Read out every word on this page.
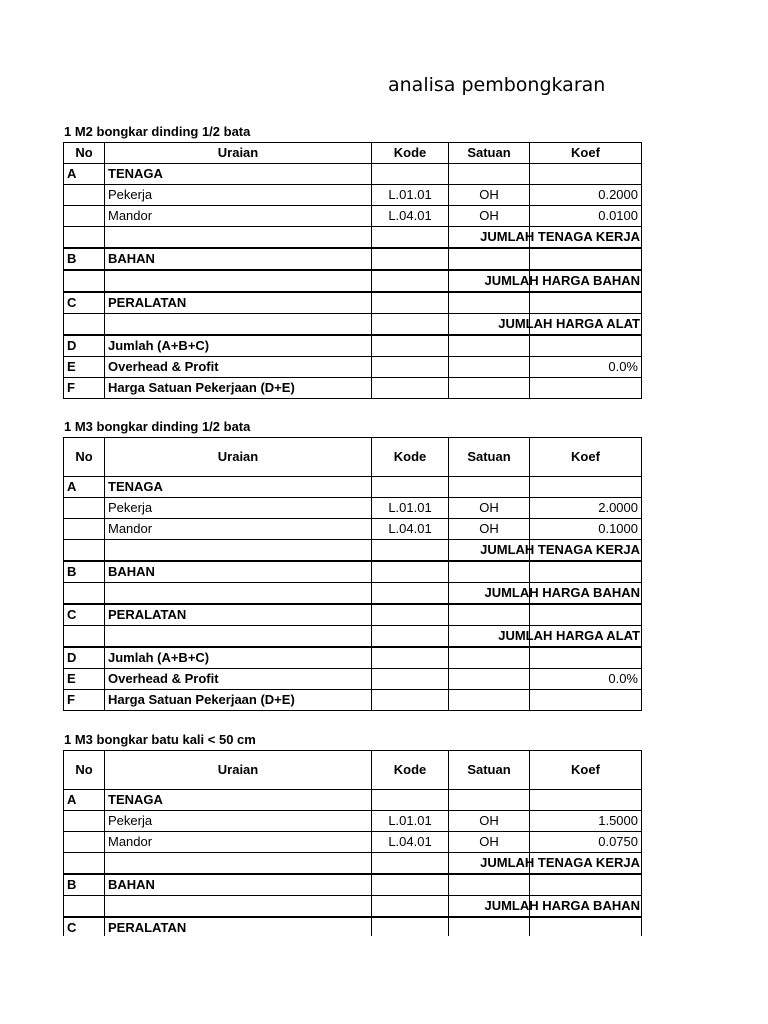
analisa pembongkaran
1 M2 bongkar dinding 1/2 bata
No	Uraian	Kode	Satuan	Koef
A	TENAGA			
	Pekerja	L.01.01	OH	0.2000
	Mandor	L.04.01	OH	0.0100

				JUMLAH TENAGA KERJA

B	BAHAN			

				JUMLAH HARGA BAHAN

C	PERALATAN			

				JUMLAH HARGA ALAT

D	Jumlah (A+B+C)			
E	Overhead & Profit			0.0%
F	Harga Satuan Pekerjaan (D+E)			
1 M3 bongkar dinding 1/2 bata
No	Uraian	Kode	Satuan	Koef
A	TENAGA			
	Pekerja	L.01.01	OH	2.0000
	Mandor	L.04.01	OH	0.1000

				JUMLAH TENAGA KERJA

B	BAHAN			

				JUMLAH HARGA BAHAN

C	PERALATAN			

				JUMLAH HARGA ALAT

D	Jumlah (A+B+C)			
E	Overhead & Profit			0.0%
F	Harga Satuan Pekerjaan (D+E)			
1 M3 bongkar batu kali < 50 cm
No	Uraian	Kode	Satuan	Koef
A	TENAGA			
	Pekerja	L.01.01	OH	1.5000
	Mandor	L.04.01	OH	0.0750

				JUMLAH TENAGA KERJA

B	BAHAN			

				JUMLAH HARGA BAHAN

C	PERALATAN			
